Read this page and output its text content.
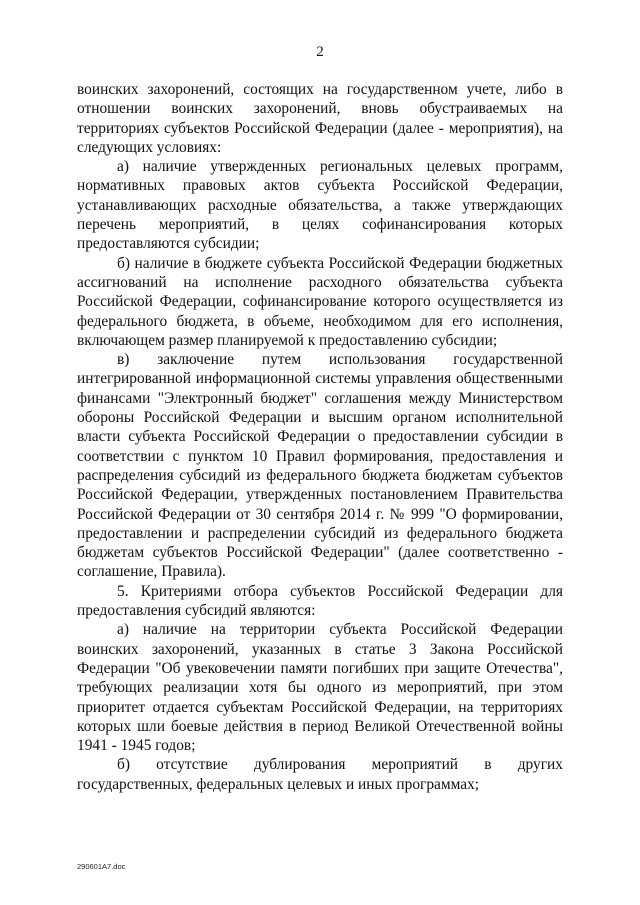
2

воинских захоронений, состоящих на государственном учете, либо в отношении воинских захоронений, вновь обустраиваемых на территориях субъектов Российской Федерации (далее - мероприятия), на следующих условиях:

а) наличие утвержденных региональных целевых программ, нормативных правовых актов субъекта Российской Федерации, устанавливающих расходные обязательства, а также утверждающих перечень мероприятий, в целях софинансирования которых предоставляются субсидии;

б) наличие в бюджете субъекта Российской Федерации бюджетных ассигнований на исполнение расходного обязательства субъекта Российской Федерации, софинансирование которого осуществляется из федерального бюджета, в объеме, необходимом для его исполнения, включающем размер планируемой к предоставлению субсидии;

в) заключение путем использования государственной интегрированной информационной системы управления общественными финансами "Электронный бюджет" соглашения между Министерством обороны Российской Федерации и высшим органом исполнительной власти субъекта Российской Федерации о предоставлении субсидии в соответствии с пунктом 10 Правил формирования, предоставления и распределения субсидий из федерального бюджета бюджетам субъектов Российской Федерации, утвержденных постановлением Правительства Российской Федерации от 30 сентября 2014 г. № 999 "О формировании, предоставлении и распределении субсидий из федерального бюджета бюджетам субъектов Российской Федерации" (далее соответственно - соглашение, Правила).

5. Критериями отбора субъектов Российской Федерации для предоставления субсидий являются:

а) наличие на территории субъекта Российской Федерации воинских захоронений, указанных в статье 3 Закона Российской Федерации "Об увековечении памяти погибших при защите Отечества", требующих реализации хотя бы одного из мероприятий, при этом приоритет отдается субъектам Российской Федерации, на территориях которых шли боевые действия в период Великой Отечественной войны 1941 - 1945 годов;

б) отсутствие дублирования мероприятий в других государственных, федеральных целевых и иных программах;

290601A7.doc
